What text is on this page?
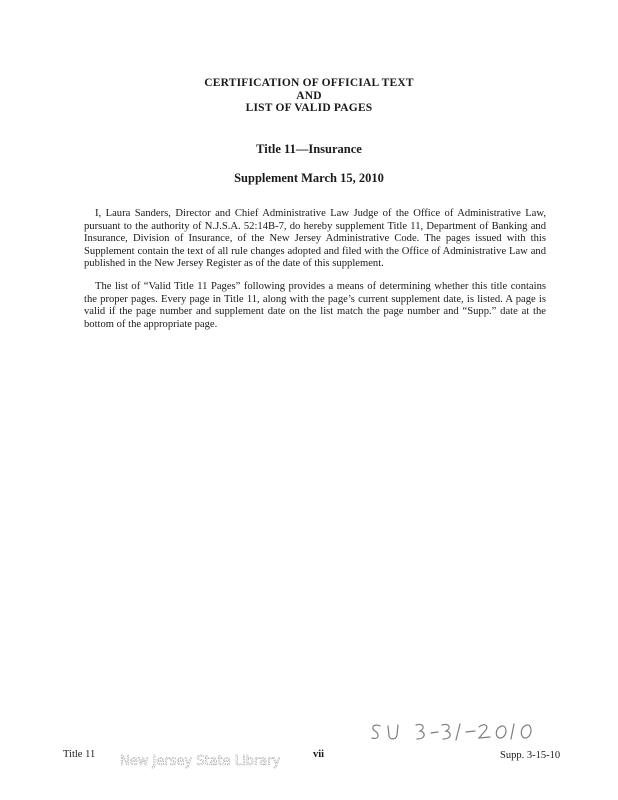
CERTIFICATION OF OFFICIAL TEXT
AND
LIST OF VALID PAGES
Title 11—Insurance
Supplement March 15, 2010
I, Laura Sanders, Director and Chief Administrative Law Judge of the Office of Administrative Law, pursuant to the authority of N.J.S.A. 52:14B-7, do hereby supplement Title 11, Department of Banking and Insurance, Division of Insurance, of the New Jersey Administrative Code. The pages issued with this Supplement contain the text of all rule changes adopted and filed with the Office of Administrative Law and published in the New Jersey Register as of the date of this supplement.
The list of “Valid Title 11 Pages” following provides a means of determining whether this title contains the proper pages. Every page in Title 11, along with the page’s current supplement date, is listed. A page is valid if the page number and supplement date on the list match the page number and “Supp.” date at the bottom of the appropriate page.
Title 11 New Jersey State Library	vii	Supp. 3-15-10
